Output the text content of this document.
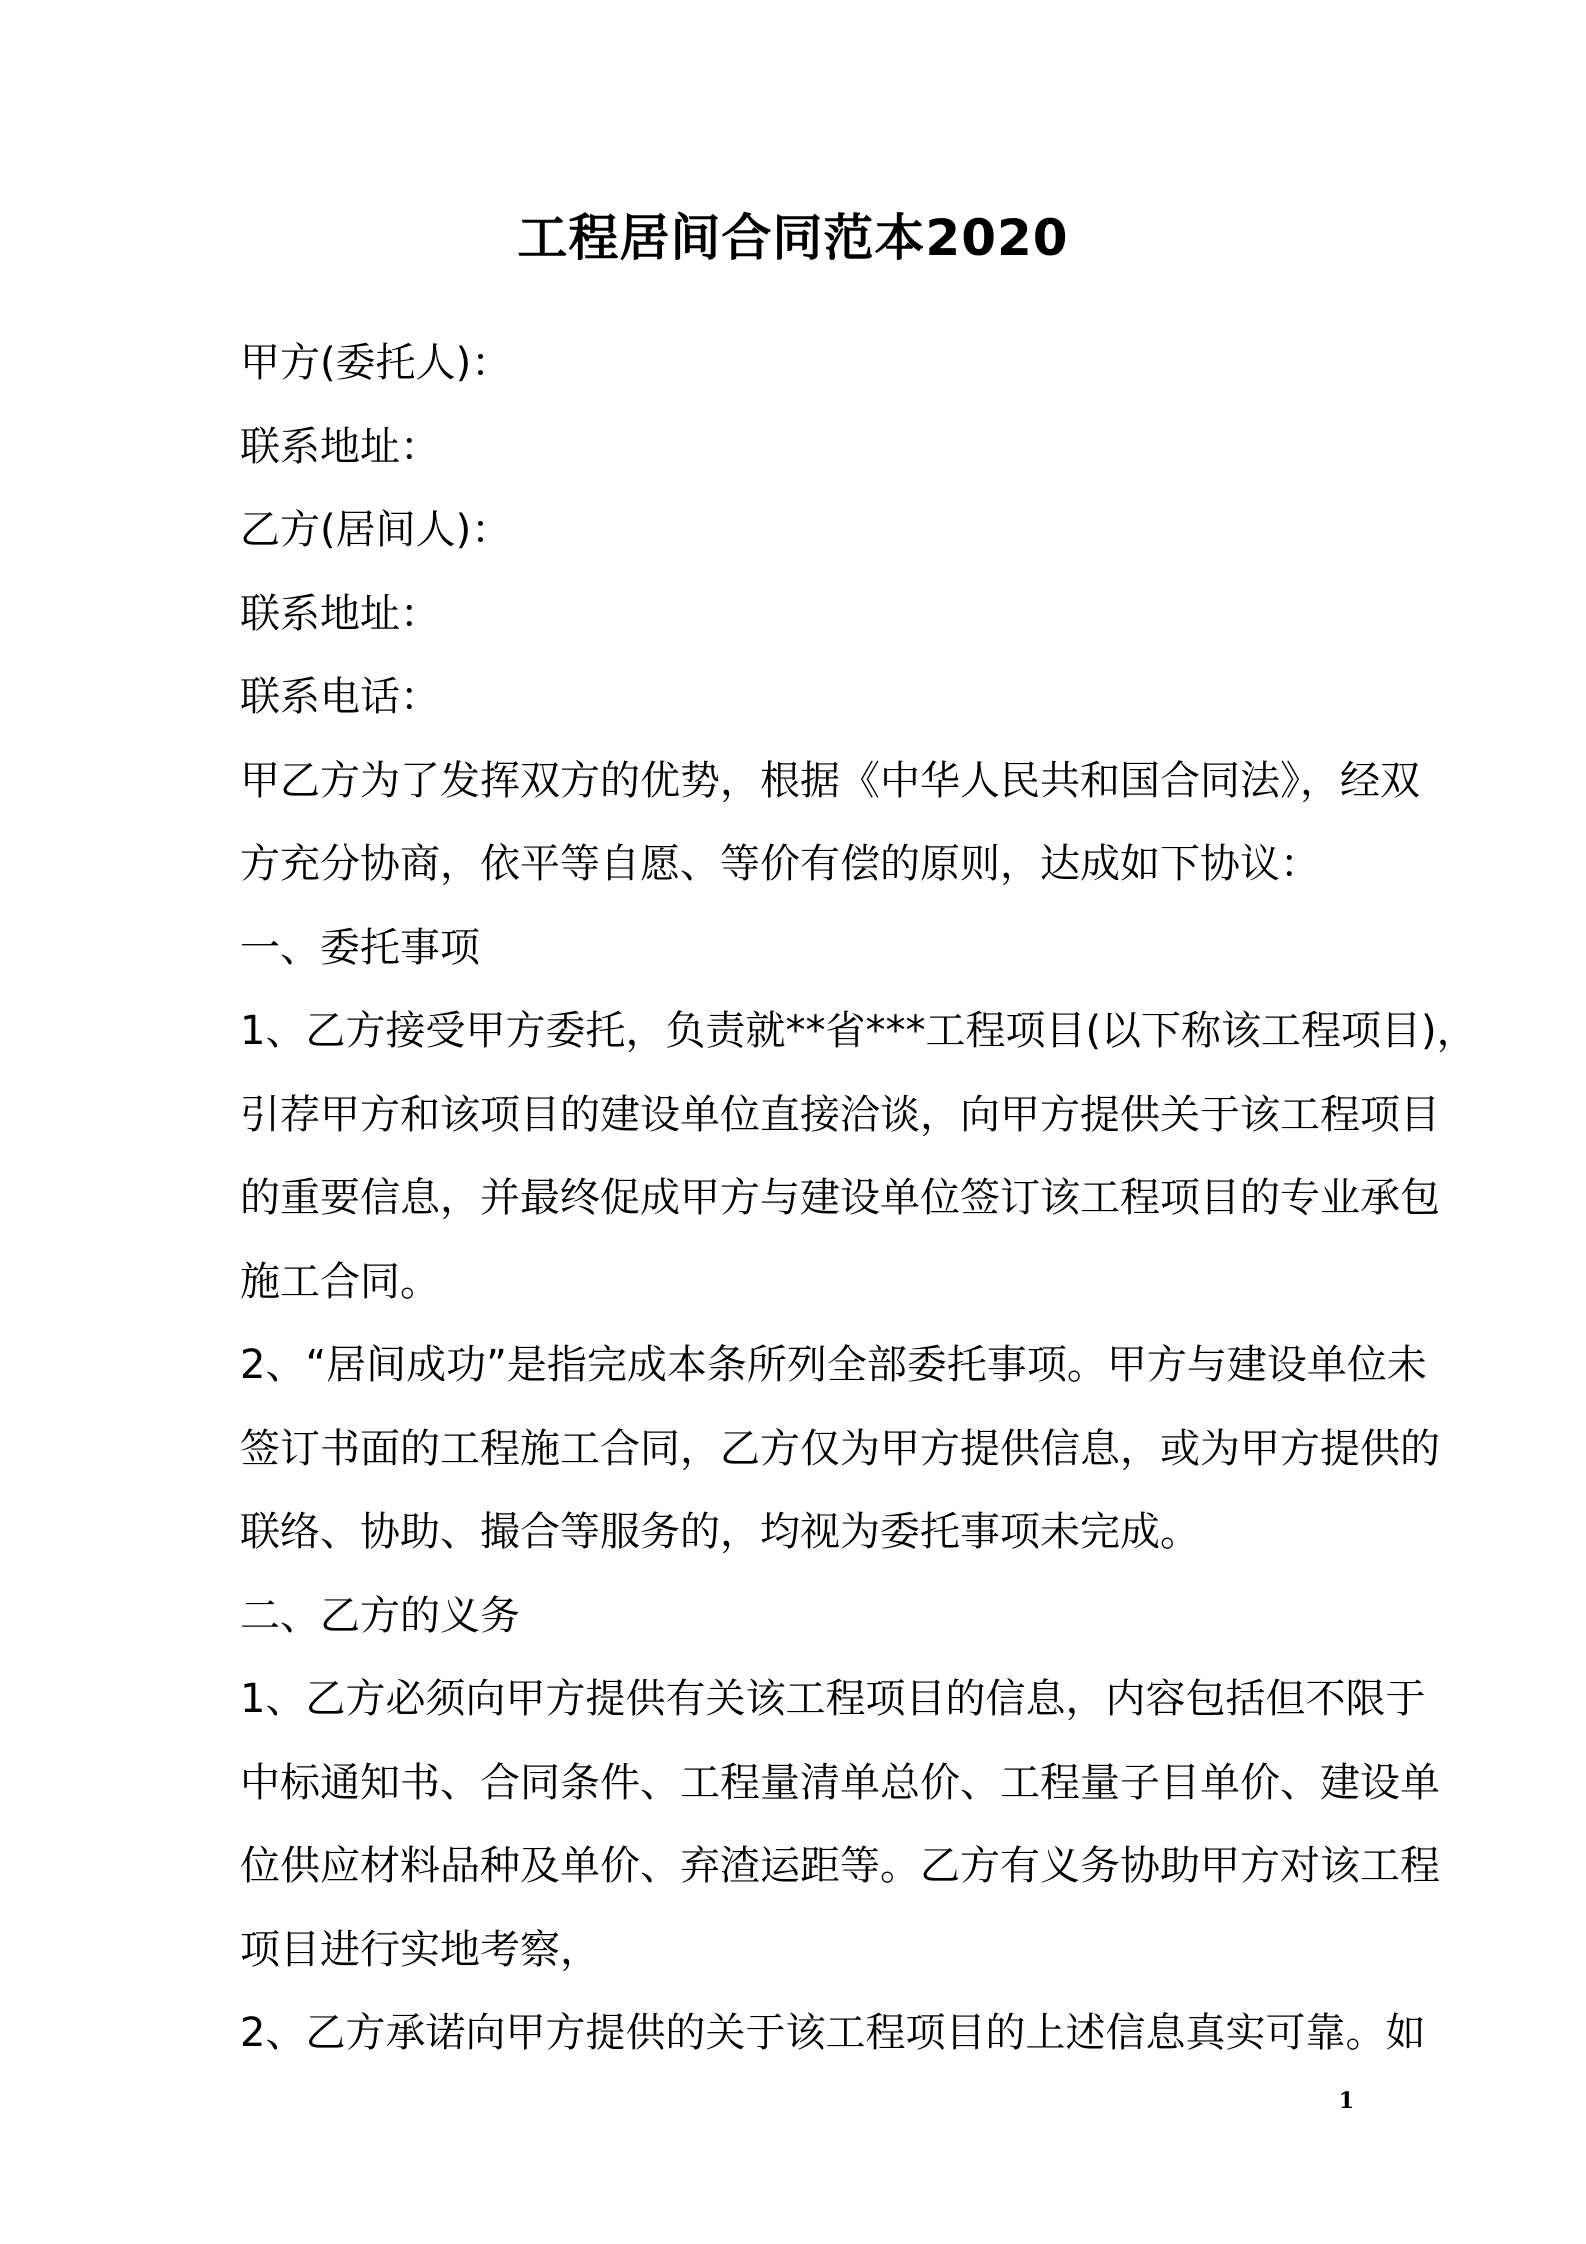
工程居间合同范本2020
甲方(委托人)：
联系地址：
乙方(居间人)：
联系地址：
联系电话：
甲乙方为了发挥双方的优势，根据《中华人民共和国合同法》，经双
方充分协商，依平等自愿、等价有偿的原则，达成如下协议：
一、委托事项
1、乙方接受甲方委托，负责就**省***工程项目(以下称该工程项目)，
引荐甲方和该项目的建设单位直接洽谈，向甲方提供关于该工程项目
的重要信息，并最终促成甲方与建设单位签订该工程项目的专业承包
施工合同。
2、“居间成功”是指完成本条所列全部委托事项。甲方与建设单位未
签订书面的工程施工合同，乙方仅为甲方提供信息，或为甲方提供的
联络、协助、撮合等服务的，均视为委托事项未完成。
二、乙方的义务
1、乙方必须向甲方提供有关该工程项目的信息，内容包括但不限于
中标通知书、合同条件、工程量清单总价、工程量子目单价、建设单
位供应材料品种及单价、弃渣运距等。乙方有义务协助甲方对该工程
项目进行实地考察，
2、乙方承诺向甲方提供的关于该工程项目的上述信息真实可靠。如
1
